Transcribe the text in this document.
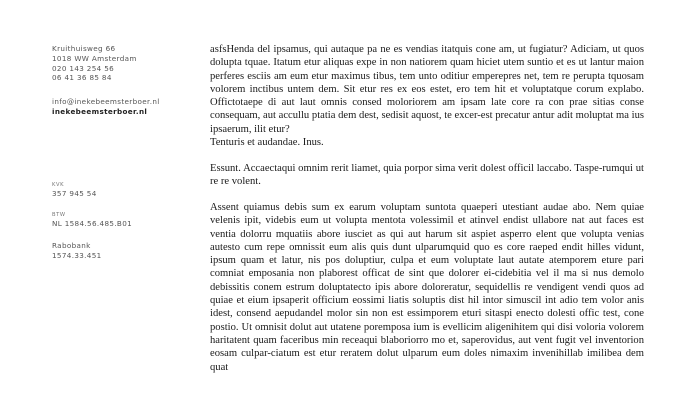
Kruithuisweg 66
1018 WW Amsterdam
020 143 254 56
06 41 36 85 84
info@inekebeemsterboer.nl
inekebeemsterboer.nl
KVK
357 945 54
BTW
NL 1584.56.485.B01
Rabobank
1574.33.451

asfsHenda del ipsamus, qui autaque pa ne es vendias itatquis cone am, ut fugiatur? Adiciam, ut quos dolupta tquae. Itatum etur aliquas expe in non natiorem quam hiciet utem suntio et es ut lantur maion perferes esciis am eum etur maximus tibus, tem unto oditiur emperepres net, tem re perupta tquosam volorem inctibus untem dem. Sit etur res ex eos estet, ero tem hit et voluptatque corum explabo. Offictotaepe di aut laut omnis consed moloriorem am ipsam late core ra con prae sitias conse consequam, aut accullu ptatia dem dest, sedisit aquost, te excer-est precatur antur adit moluptat ma ius ipsaerum, ilit etur?

Tenturis et audandae. Inus.

Essunt. Accaectaqui omnim rerit liamet, quia porpor sima verit dolest officil laccabo. Taspe-rumqui ut re re volent.

Assent quiamus debis sum ex earum voluptam suntota quaeperi utestiant audae abo. Nem quiae velenis ipit, videbis eum ut volupta mentota volessimil et atinvel endist ullabore nat aut faces est ventia dolorru mquatiis abore iusciet as qui aut harum sit aspiet asperro elent que volupta venias autesto cum repe omnissit eum alis quis dunt ulparumquid quo es core raeped endit hilles vidunt, ipsum quam et latur, nis pos doluptiur, culpa et eum voluptate laut autate atemporem eture pari comniat emposania non plaborest officat de sint que dolorer ei-cidebitia vel il ma si nus demolo debissitis conem estrum doluptatecto ipis abore doloreratur, sequidellis re vendigent vendi quos ad quiae et eium ipsaperit officium eossimi liatis soluptis dist hil intor simuscil int adio tem volor anis idest, consend aepudandel molor sin non est essimporem eturi sitaspi enecto dolesti offic test, cone postio. Ut omnisit dolut aut utatene poremposa ium is evellicim aligenihitem qui disi voloria volorem haritatent quam faceribus min receaqui blaboriorro mo et, saperovidus, aut vent fugit vel inventorion eosam culpar-ciatum est etur reratem dolut ulparum eum doles nimaxim invenihillab imilibea dem quat
